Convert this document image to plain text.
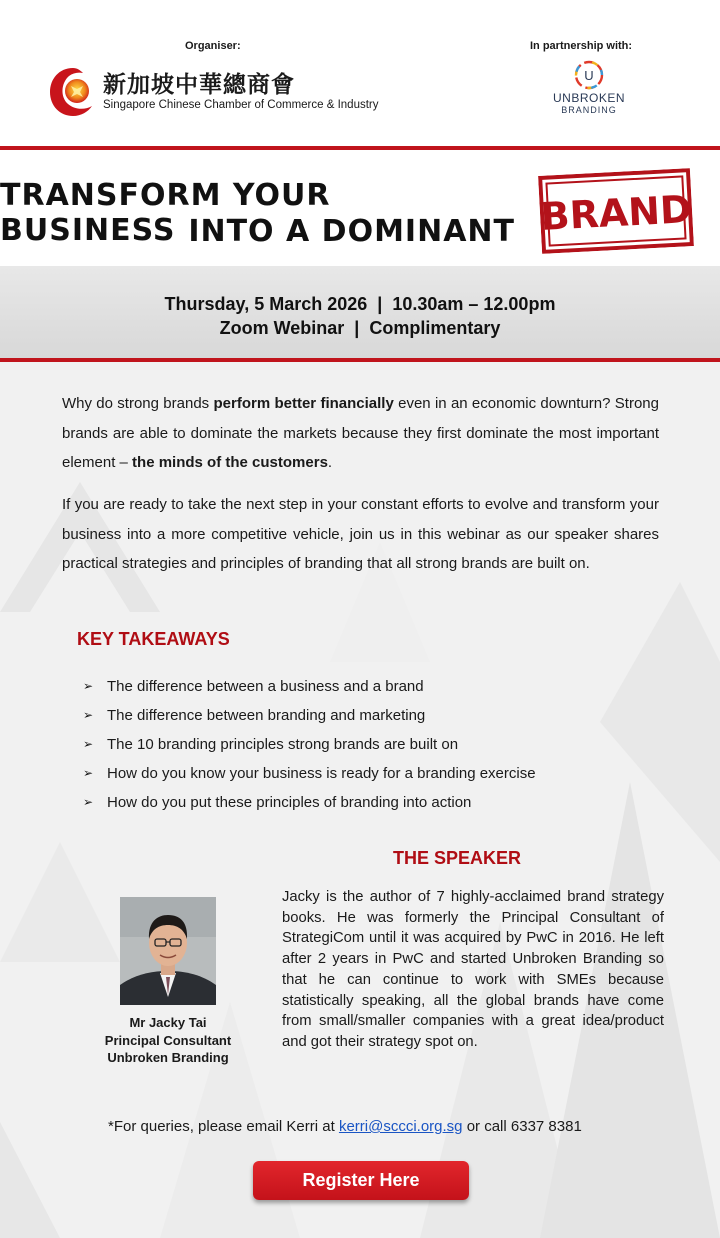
Organiser:	In partnership with:
新加坡中華總商會
Singapore Chinese Chamber of Commerce & Industry
U
UNBROKEN
BRANDING
TRANSFORM YOUR BUSINESS INTO A DOMINANT BRAND
Thursday, 5 March 2026  |  10.30am – 12.00pm
Zoom Webinar  |  Complimentary
Why do strong brands perform better financially even in an economic downturn? Strong brands are able to dominate the markets because they first dominate the most important element – the minds of the customers.
If you are ready to take the next step in your constant efforts to evolve and transform your business into a more competitive vehicle, join us in this webinar as our speaker shares practical strategies and principles of branding that all strong brands are built on.
KEY TAKEAWAYS
➢ The difference between a business and a brand
➢ The difference between branding and marketing
➢ The 10 branding principles strong brands are built on
➢ How do you know your business is ready for a branding exercise
➢ How do you put these principles of branding into action
THE SPEAKER
Mr Jacky Tai
Principal Consultant
Unbroken Branding
Jacky is the author of 7 highly-acclaimed brand strategy books. He was formerly the Principal Consultant of StrategiCom until it was acquired by PwC in 2016. He left after 2 years in PwC and started Unbroken Branding so that he can continue to work with SMEs because statistically speaking, all the global brands have come from small/smaller companies with a great idea/product and got their strategy spot on.
*For queries, please email Kerri at kerri@sccci.org.sg or call 6337 8381
Register Here
